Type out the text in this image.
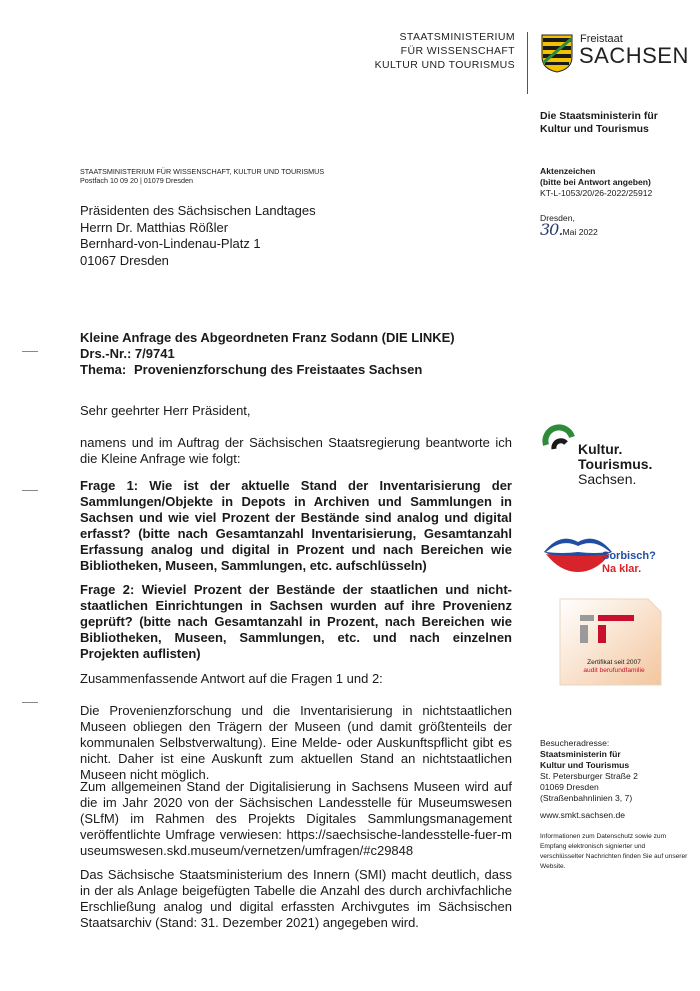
STAATSMINISTERIUM
FÜR WISSENSCHAFT
KULTUR UND TOURISMUS
Freistaat
SACHSEN
Die Staatsministerin für Kultur und Tourismus
STAATSMINISTERIUM FÜR WISSENSCHAFT, KULTUR UND TOURISMUS
Postfach 10 09 20 | 01079 Dresden
Präsidenten des Sächsischen Landtages
Herrn Dr. Matthias Rößler
Bernhard-von-Lindenau-Platz 1
01067 Dresden
Aktenzeichen
(bitte bei Antwort angeben)
KT-L-1053/20/26-2022/25912
Dresden,
30.Mai 2022
Kleine Anfrage des Abgeordneten Franz Sodann (DIE LINKE)
Drs.-Nr.: 7/9741
Thema: Provenienzforschung des Freistaates Sachsen
Sehr geehrter Herr Präsident,
namens und im Auftrag der Sächsischen Staatsregierung beantworte ich die Kleine Anfrage wie folgt:
Frage 1: Wie ist der aktuelle Stand der Inventarisierung der Sammlungen/Objekte in Depots in Archiven und Sammlungen in Sachsen und wie viel Prozent der Bestände sind analog und digital erfasst? (bitte nach Gesamtanzahl Inventarisierung, Gesamtanzahl Erfassung analog und digital in Prozent und nach Bereichen wie Bibliotheken, Museen, Sammlungen, etc. aufschlüsseln)
Frage 2: Wieviel Prozent der Bestände der staatlichen und nicht-staatlichen Einrichtungen in Sachsen wurden auf ihre Provenienz geprüft? (bitte nach Gesamtanzahl in Prozent, nach Bereichen wie Bibliotheken, Museen, Sammlungen, etc. und nach einzelnen Projekten auflisten)
Zusammenfassende Antwort auf die Fragen 1 und 2:
Die Provenienzforschung und die Inventarisierung in nichtstaatlichen Museen obliegen den Trägern der Museen (und damit größtenteils der kommunalen Selbstverwaltung). Eine Melde- oder Auskunftspflicht gibt es nicht. Daher ist eine Auskunft zum aktuellen Stand an nichtstaatlichen Museen nicht möglich.
Zum allgemeinen Stand der Digitalisierung in Sachsens Museen wird auf die im Jahr 2020 von der Sächsischen Landesstelle für Museumswesen (SLfM) im Rahmen des Projekts Digitales Sammlungsmanagement veröffentlichte Umfrage verwiesen: https://saechsische-landesstelle-fuer-museumswesen.skd.museum/vernetzen/umfragen/#c29848
Das Sächsische Staatsministerium des Innern (SMI) macht deutlich, dass in der als Anlage beigefügten Tabelle die Anzahl des durch archivfachliche Erschließung analog und digital erfassten Archivgutes im Sächsischen Staatsarchiv (Stand: 31. Dezember 2021) angegeben wird.
Kultur.
Tourismus.
Sachsen.
Sorbisch?
Na klar.
Zertifikat seit 2007
audit berufundfamilie
Besucheradresse:
Staatsministerin für
Kultur und Tourismus
St. Petersburger Straße 2
01069 Dresden
(Straßenbahnlinien 3, 7)
www.smkt.sachsen.de
Informationen zum Datenschutz sowie zum Empfang elektronisch signierter und verschlüsselter Nachrichten finden Sie auf unserer Website.
